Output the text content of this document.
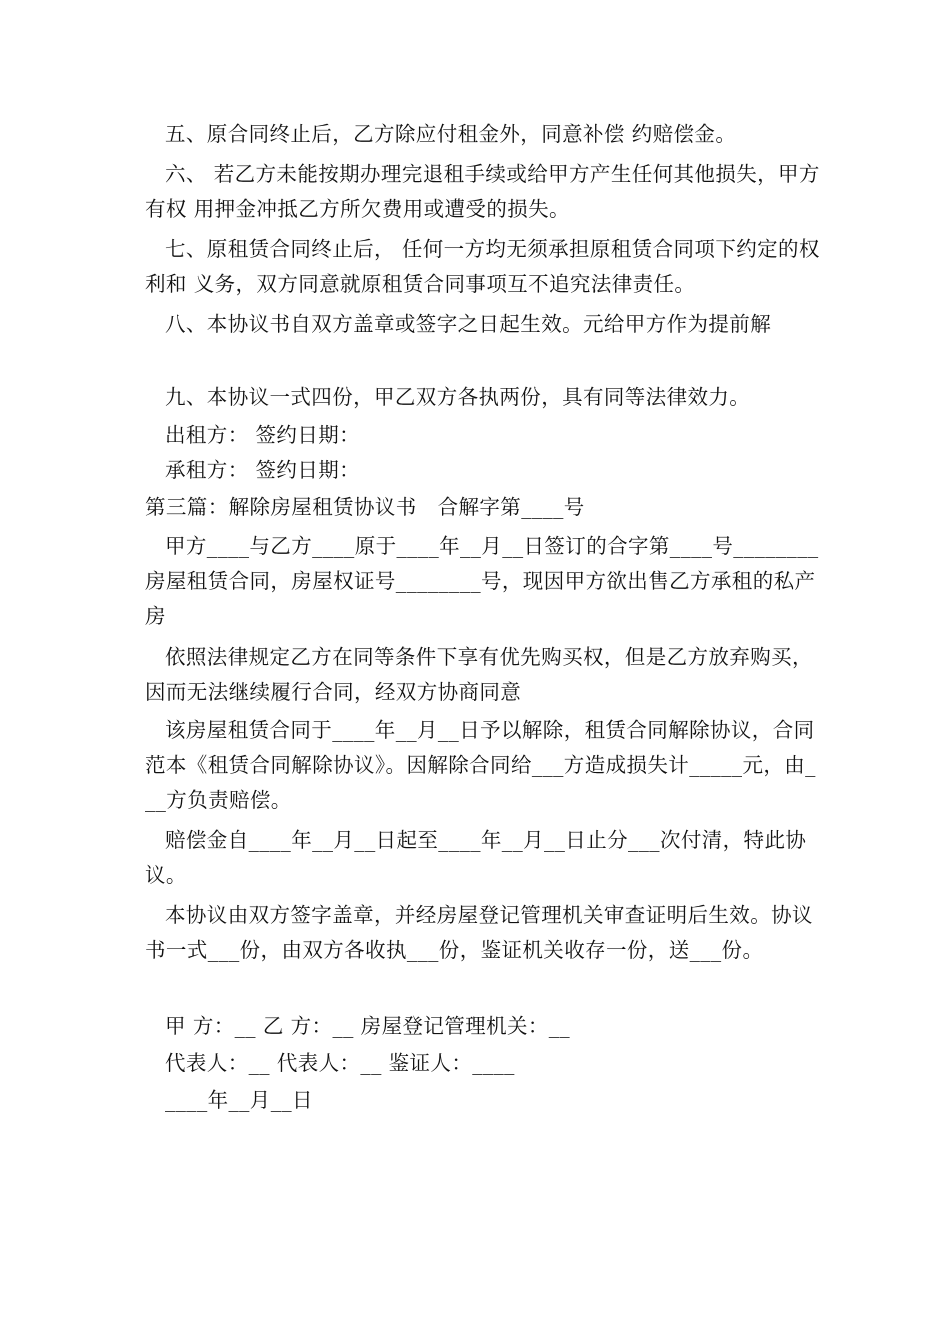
五、原合同终止后，乙方除应付租金外，同意补偿 约赔偿金。

六、 若乙方未能按期办理完退租手续或给甲方产生任何其他损失，甲方有权 用押金冲抵乙方所欠费用或遭受的损失。

七、原租赁合同终止后， 任何一方均无须承担原租赁合同项下约定的权利和 义务，双方同意就原租赁合同事项互不追究法律责任。

八、本协议书自双方盖章或签字之日起生效。元给甲方作为提前解

九、本协议一式四份，甲乙双方各执两份，具有同等法律效力。

出租方： 签约日期：

承租方： 签约日期：

第三篇：解除房屋租赁协议书　合解字第____号

甲方____与乙方____原于____年__月__日签订的合字第____号________房屋租赁合同，房屋权证号________号，现因甲方欲出售乙方承租的私产房

依照法律规定乙方在同等条件下享有优先购买权，但是乙方放弃购买，因而无法继续履行合同，经双方协商同意

该房屋租赁合同于____年__月__日予以解除，租赁合同解除协议，合同范本《租赁合同解除协议》。因解除合同给___方造成损失计_____元，由___方负责赔偿。

赔偿金自____年__月__日起至____年__月__日止分___次付清，特此协议。

本协议由双方签字盖章，并经房屋登记管理机关审查证明后生效。协议书一式___份，由双方各收执___份，鉴证机关收存一份，送___份。

甲 方：__ 乙 方：__ 房屋登记管理机关：__

代表人：__ 代表人：__ 鉴证人：____

____年__月__日
